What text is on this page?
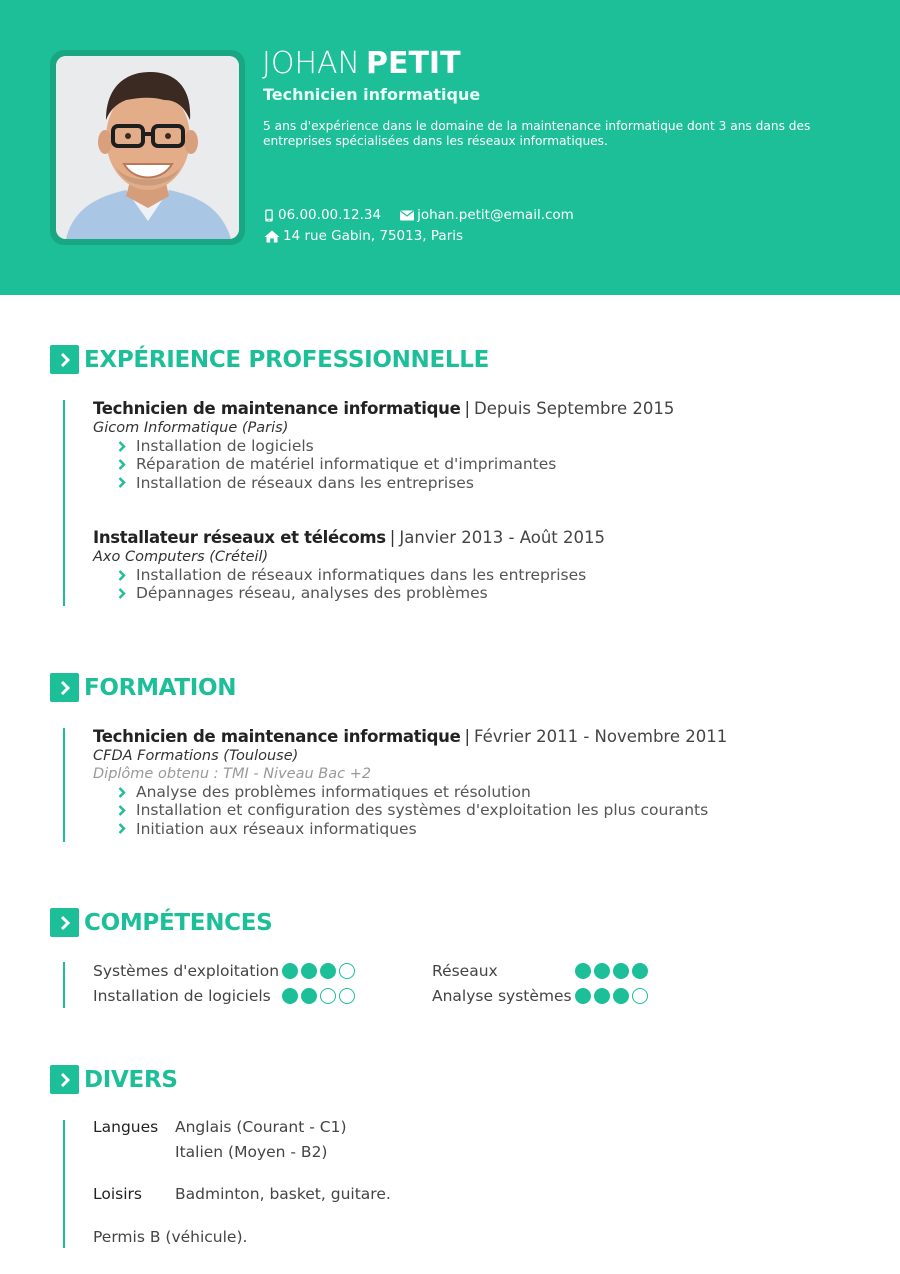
JOHAN PETIT
Technicien informatique
5 ans d'expérience dans le domaine de la maintenance informatique dont 3 ans dans des entreprises spécialisées dans les réseaux informatiques.
06.00.00.12.34	johan.petit@email.com
14 rue Gabin, 75013, Paris
EXPÉRIENCE PROFESSIONNELLE
Technicien de maintenance informatique | Depuis Septembre 2015
Gicom Informatique (Paris)
Installation de logiciels
Réparation de matériel informatique et d'imprimantes
Installation de réseaux dans les entreprises
Installateur réseaux et télécoms | Janvier 2013 - Août 2015
Axo Computers (Créteil)
Installation de réseaux informatiques dans les entreprises
Dépannages réseau, analyses des problèmes
FORMATION
Technicien de maintenance informatique | Février 2011 - Novembre 2011
CFDA Formations (Toulouse)
Diplôme obtenu : TMI - Niveau Bac +2
Analyse des problèmes informatiques et résolution
Installation et configuration des systèmes d'exploitation les plus courants
Initiation aux réseaux informatiques
COMPÉTENCES
Systèmes d'exploitation	Réseaux
Installation de logiciels	Analyse systèmes
DIVERS
Langues Anglais (Courant - C1)
Italien (Moyen - B2)
Loisirs Badminton, basket, guitare.
Permis B (véhicule).
